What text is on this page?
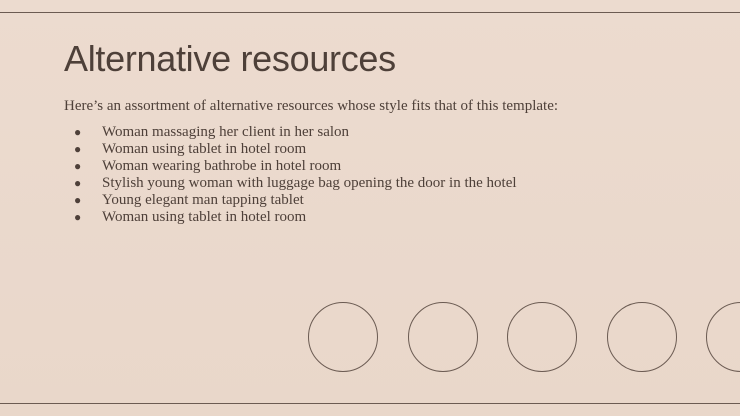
Alternative resources

Here’s an assortment of alternative resources whose style fits that of this template:

● Woman massaging her client in her salon
● Woman using tablet in hotel room
● Woman wearing bathrobe in hotel room
● Stylish young woman with luggage bag opening the door in the hotel
● Young elegant man tapping tablet
● Woman using tablet in hotel room
